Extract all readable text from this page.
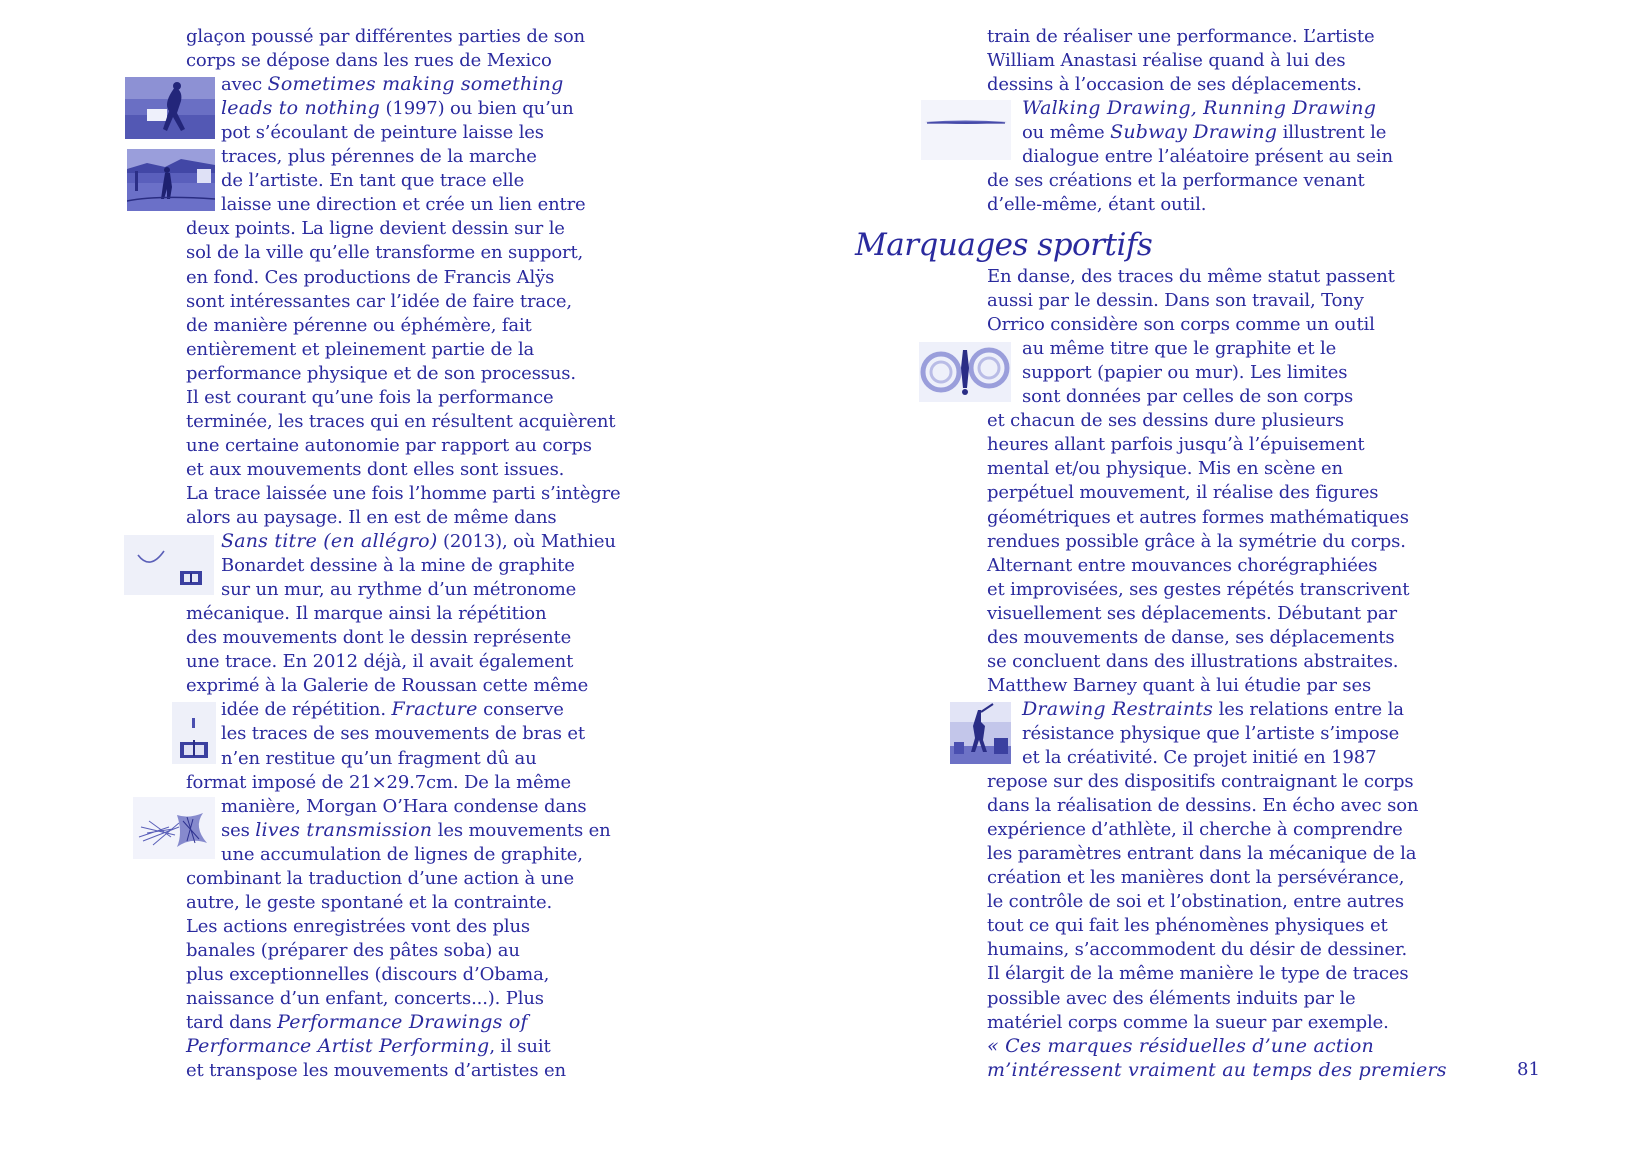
glaçon poussé par différentes parties de son
corps se dépose dans les rues de Mexico
avec Sometimes making something
leads to nothing (1997) ou bien qu’un
pot s’écoulant de peinture laisse les
traces, plus pérennes de la marche
de l’artiste. En tant que trace elle
laisse une direction et crée un lien entre
deux points. La ligne devient dessin sur le
sol de la ville qu’elle transforme en support,
en fond. Ces productions de Francis Alÿs
sont intéressantes car l’idée de faire trace,
de manière pérenne ou éphémère, fait
entièrement et pleinement partie de la
performance physique et de son processus.
Il est courant qu’une fois la performance
terminée, les traces qui en résultent acquièrent
une certaine autonomie par rapport au corps
et aux mouvements dont elles sont issues.
La trace laissée une fois l’homme parti s’intègre
alors au paysage. Il en est de même dans
Sans titre (en allégro) (2013), où Mathieu
Bonardet dessine à la mine de graphite
sur un mur, au rythme d’un métronome
mécanique. Il marque ainsi la répétition
des mouvements dont le dessin représente
une trace. En 2012 déjà, il avait également
exprimé à la Galerie de Roussan cette même
idée de répétition. Fracture conserve
les traces de ses mouvements de bras et
n’en restitue qu’un fragment dû au
format imposé de 21×29.7cm. De la même
manière, Morgan O’Hara condense dans
ses lives transmission les mouvements en
une accumulation de lignes de graphite,
combinant la traduction d’une action à une
autre, le geste spontané et la contrainte.
Les actions enregistrées vont des plus
banales (préparer des pâtes soba) au
plus exceptionnelles (discours d’Obama,
naissance d’un enfant, concerts...). Plus
tard dans Performance Drawings of
Performance Artist Performing, il suit
et transpose les mouvements d’artistes en
train de réaliser une performance. L’artiste
William Anastasi réalise quand à lui des
dessins à l’occasion de ses déplacements.
Walking Drawing, Running Drawing
ou même Subway Drawing illustrent le
dialogue entre l’aléatoire présent au sein
de ses créations et la performance venant
d’elle-même, étant outil.
Marquages sportifs
En danse, des traces du même statut passent
aussi par le dessin. Dans son travail, Tony
Orrico considère son corps comme un outil
au même titre que le graphite et le
support (papier ou mur). Les limites
sont données par celles de son corps
et chacun de ses dessins dure plusieurs
heures allant parfois jusqu’à l’épuisement
mental et/ou physique. Mis en scène en
perpétuel mouvement, il réalise des figures
géométriques et autres formes mathématiques
rendues possible grâce à la symétrie du corps.
Alternant entre mouvances chorégraphiées
et improvisées, ses gestes répétés transcrivent
visuellement ses déplacements. Débutant par
des mouvements de danse, ses déplacements
se concluent dans des illustrations abstraites.
Matthew Barney quant à lui étudie par ses
Drawing Restraints les relations entre la
résistance physique que l’artiste s’impose
et la créativité. Ce projet initié en 1987
repose sur des dispositifs contraignant le corps
dans la réalisation de dessins. En écho avec son
expérience d’athlète, il cherche à comprendre
les paramètres entrant dans la mécanique de la
création et les manières dont la persévérance,
le contrôle de soi et l’obstination, entre autres
tout ce qui fait les phénomènes physiques et
humains, s’accommodent du désir de dessiner.
Il élargit de la même manière le type de traces
possible avec des éléments induits par le
matériel corps comme la sueur par exemple.
« Ces marques résiduelles d’une action
m’intéressent vraiment au temps des premiers	81
